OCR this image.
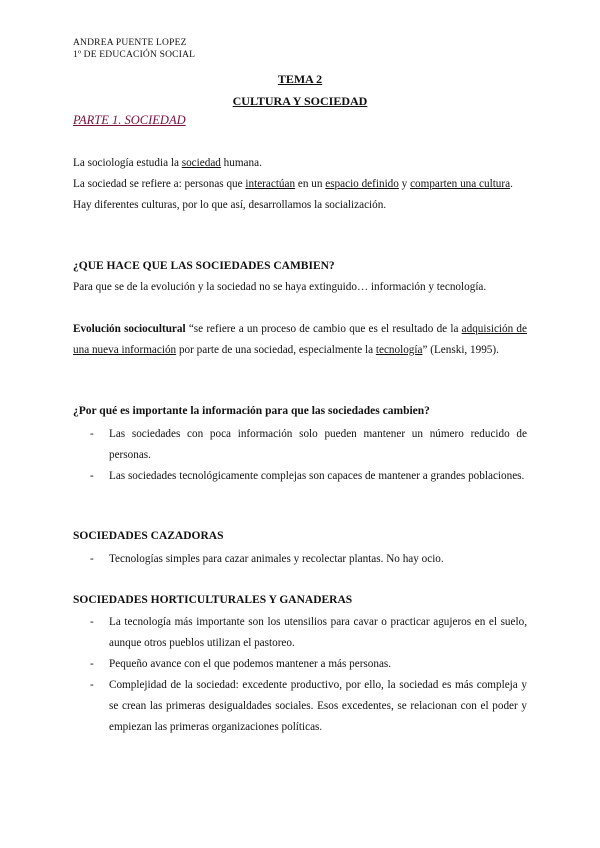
ANDREA PUENTE LOPEZ
1º DE EDUCACIÓN SOCIAL
TEMA 2
CULTURA Y SOCIEDAD
PARTE 1. SOCIEDAD
La sociología estudia la sociedad humana.
La sociedad se refiere a: personas que interactúan en un espacio definido y comparten una cultura.
Hay diferentes culturas, por lo que así, desarrollamos la socialización.
¿QUE HACE QUE LAS SOCIEDADES CAMBIEN?
Para que se de la evolución y la sociedad no se haya extinguido… información y tecnología.
Evolución sociocultural “se refiere a un proceso de cambio que es el resultado de la adquisición de una nueva información por parte de una sociedad, especialmente la tecnología” (Lenski, 1995).
¿Por qué es importante la información para que las sociedades cambien?
- Las sociedades con poca información solo pueden mantener un número reducido de personas.
- Las sociedades tecnológicamente complejas son capaces de mantener a grandes poblaciones.
SOCIEDADES CAZADORAS
- Tecnologías simples para cazar animales y recolectar plantas. No hay ocio.
SOCIEDADES HORTICULTURALES Y GANADERAS
- La tecnología más importante son los utensilios para cavar o practicar agujeros en el suelo, aunque otros pueblos utilizan el pastoreo.
- Pequeño avance con el que podemos mantener a más personas.
- Complejidad de la sociedad: excedente productivo, por ello, la sociedad es más compleja y se crean las primeras desigualdades sociales. Esos excedentes, se relacionan con el poder y empiezan las primeras organizaciones políticas.
